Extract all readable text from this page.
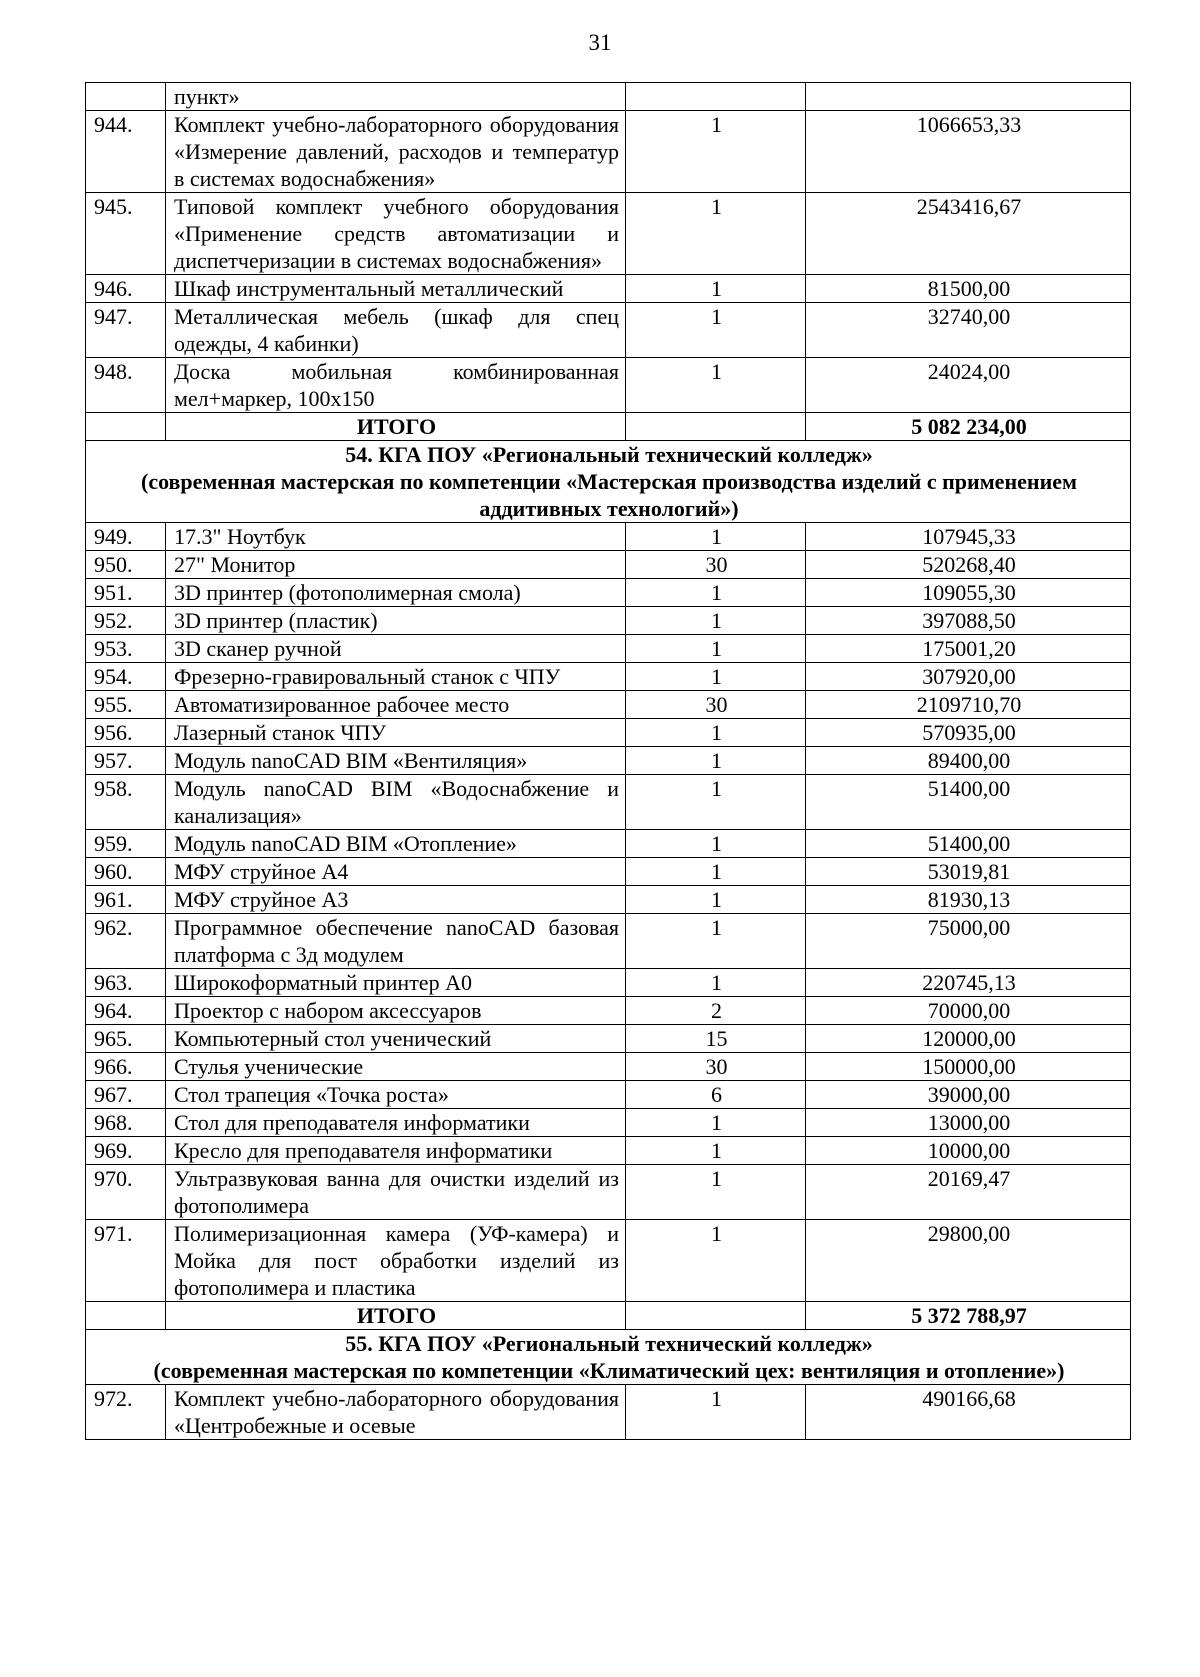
31
	пункт»		
944.	Комплект учебно-лабораторного оборудования «Измерение давлений, расходов и температур в системах водоснабжения»	1	1066653,33
945.	Типовой комплект учебного оборудования «Применение средств автоматизации и диспетчеризации в системах водоснабжения»	1	2543416,67
946.	Шкаф инструментальный металлический	1	81500,00
947.	Металлическая мебель (шкаф для спец одежды, 4 кабинки)	1	32740,00
948.	Доска мобильная комбинированная мел+маркер, 100х150	1	24024,00
	ИТОГО		5 082 234,00

54. КГА ПОУ «Региональный технический колледж»
(современная мастерская по компетенции «Мастерская производства изделий с применением аддитивных технологий»)			

949.	17.3" Ноутбук	1	107945,33
950.	27" Монитор	30	520268,40
951.	3D принтер (фотополимерная смола)	1	109055,30
952.	3D принтер (пластик)	1	397088,50
953.	3D сканер ручной	1	175001,20
954.	Фрезерно-гравировальный станок с ЧПУ	1	307920,00
955.	Автоматизированное рабочее место	30	2109710,70
956.	Лазерный станок ЧПУ	1	570935,00
957.	Модуль nanoCAD BIM «Вентиляция»	1	89400,00
958.	Модуль nanoCAD BIM «Водоснабжение и канализация»	1	51400,00
959.	Модуль nanoCAD BIM «Отопление»	1	51400,00
960.	МФУ струйное А4	1	53019,81
961.	МФУ струйное А3	1	81930,13
962.	Программное обеспечение nanoCAD базовая платформа с 3д модулем	1	75000,00
963.	Широкоформатный принтер А0	1	220745,13
964.	Проектор с набором аксессуаров	2	70000,00
965.	Компьютерный стол ученический	15	120000,00
966.	Стулья ученические	30	150000,00
967.	Стол трапеция «Точка роста»	6	39000,00
968.	Стол для преподавателя информатики	1	13000,00
969.	Кресло для преподавателя информатики	1	10000,00
970.	Ультразвуковая ванна для очистки изделий из фотополимера	1	20169,47
971.	Полимеризационная камера (УФ-камера) и Мойка для пост обработки изделий из фотополимера и пластика	1	29800,00
	ИТОГО		5 372 788,97

55. КГА ПОУ «Региональный технический колледж»
(современная мастерская по компетенции «Климатический цех: вентиляция и отопление»)			

972.	Комплект учебно-лабораторного оборудования «Центробежные и осевые	1	490166,68
